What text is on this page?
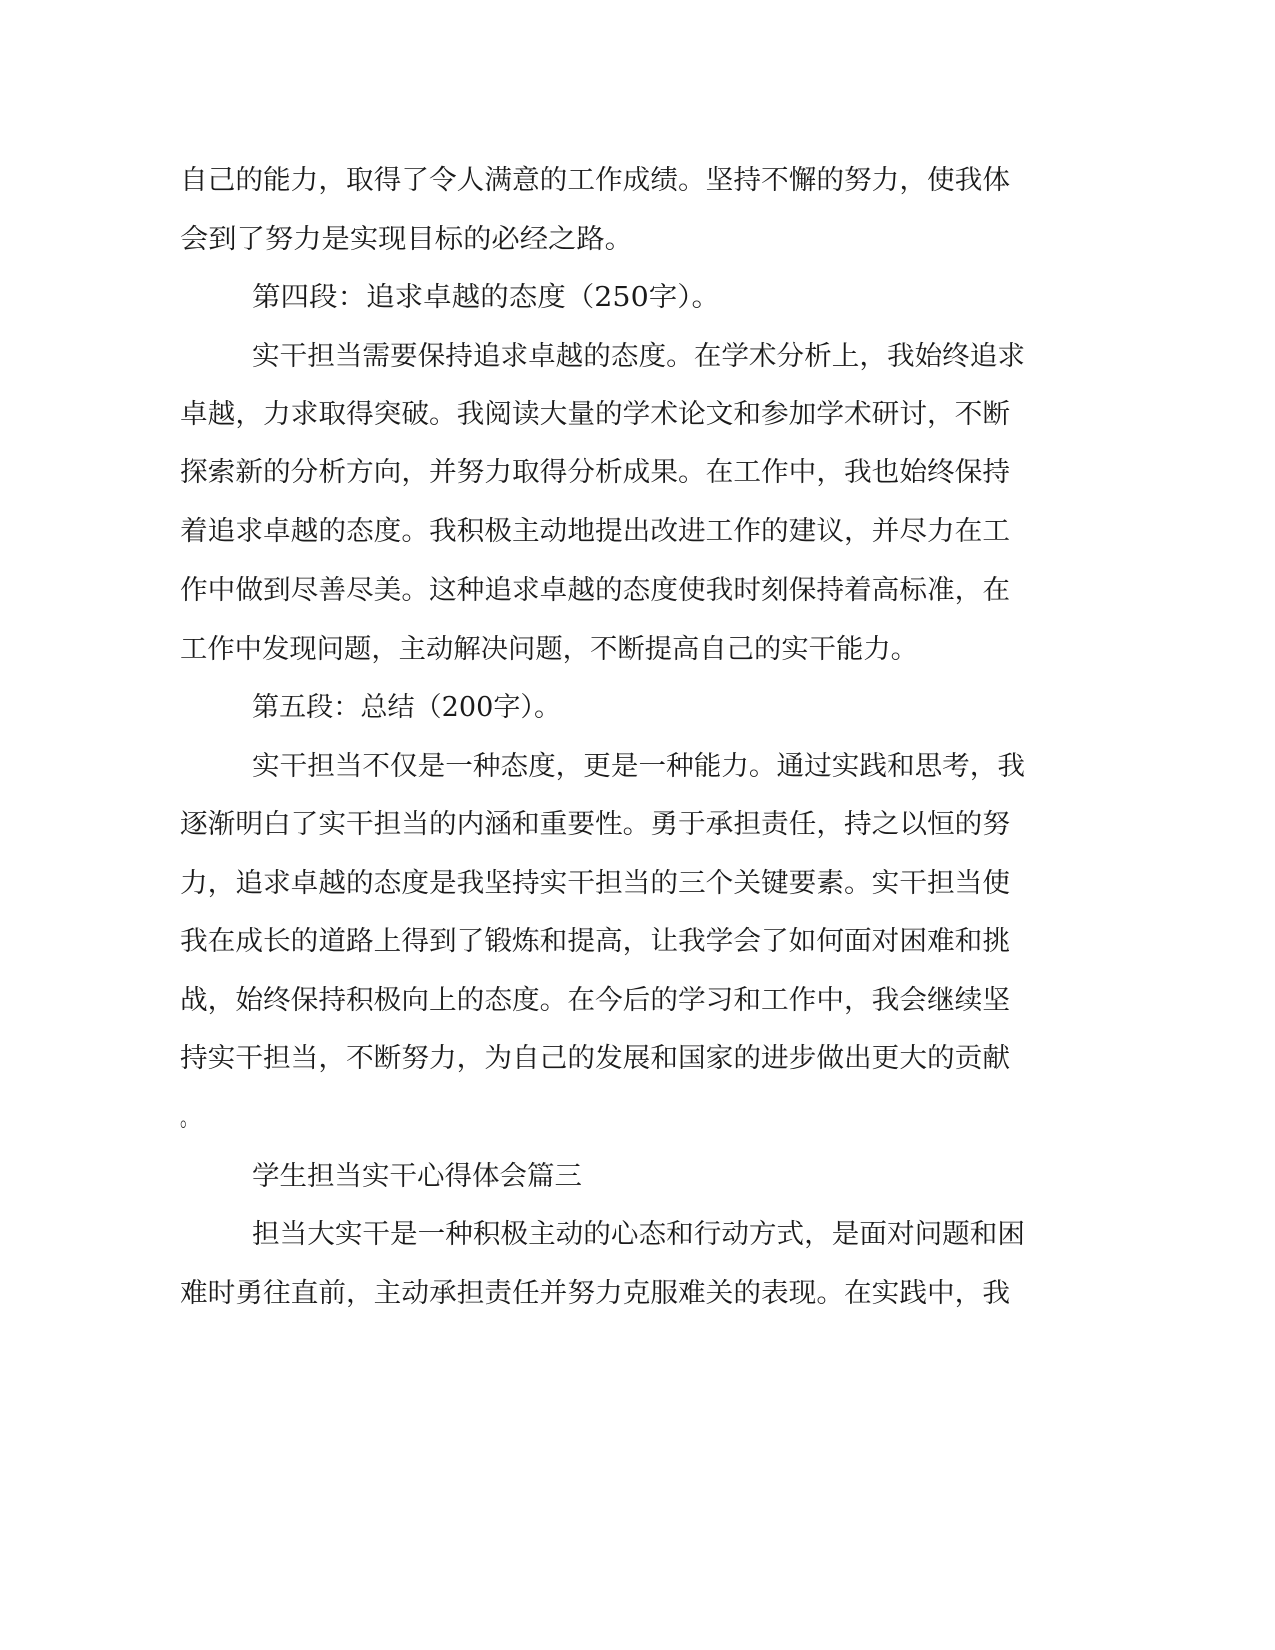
自己的能力，取得了令人满意的工作成绩。坚持不懈的努力，使我体
会到了努力是实现目标的必经之路。
第四段：追求卓越的态度（250字）。
实干担当需要保持追求卓越的态度。在学术分析上，我始终追求
卓越，力求取得突破。我阅读大量的学术论文和参加学术研讨，不断
探索新的分析方向，并努力取得分析成果。在工作中，我也始终保持
着追求卓越的态度。我积极主动地提出改进工作的建议，并尽力在工
作中做到尽善尽美。这种追求卓越的态度使我时刻保持着高标准，在
工作中发现问题，主动解决问题，不断提高自己的实干能力。
第五段：总结（200字）。
实干担当不仅是一种态度，更是一种能力。通过实践和思考，我
逐渐明白了实干担当的内涵和重要性。勇于承担责任，持之以恒的努
力，追求卓越的态度是我坚持实干担当的三个关键要素。实干担当使
我在成长的道路上得到了锻炼和提高，让我学会了如何面对困难和挑
战，始终保持积极向上的态度。在今后的学习和工作中，我会继续坚
持实干担当，不断努力，为自己的发展和国家的进步做出更大的贡献
。
学生担当实干心得体会篇三
担当大实干是一种积极主动的心态和行动方式，是面对问题和困
难时勇往直前，主动承担责任并努力克服难关的表现。在实践中，我
